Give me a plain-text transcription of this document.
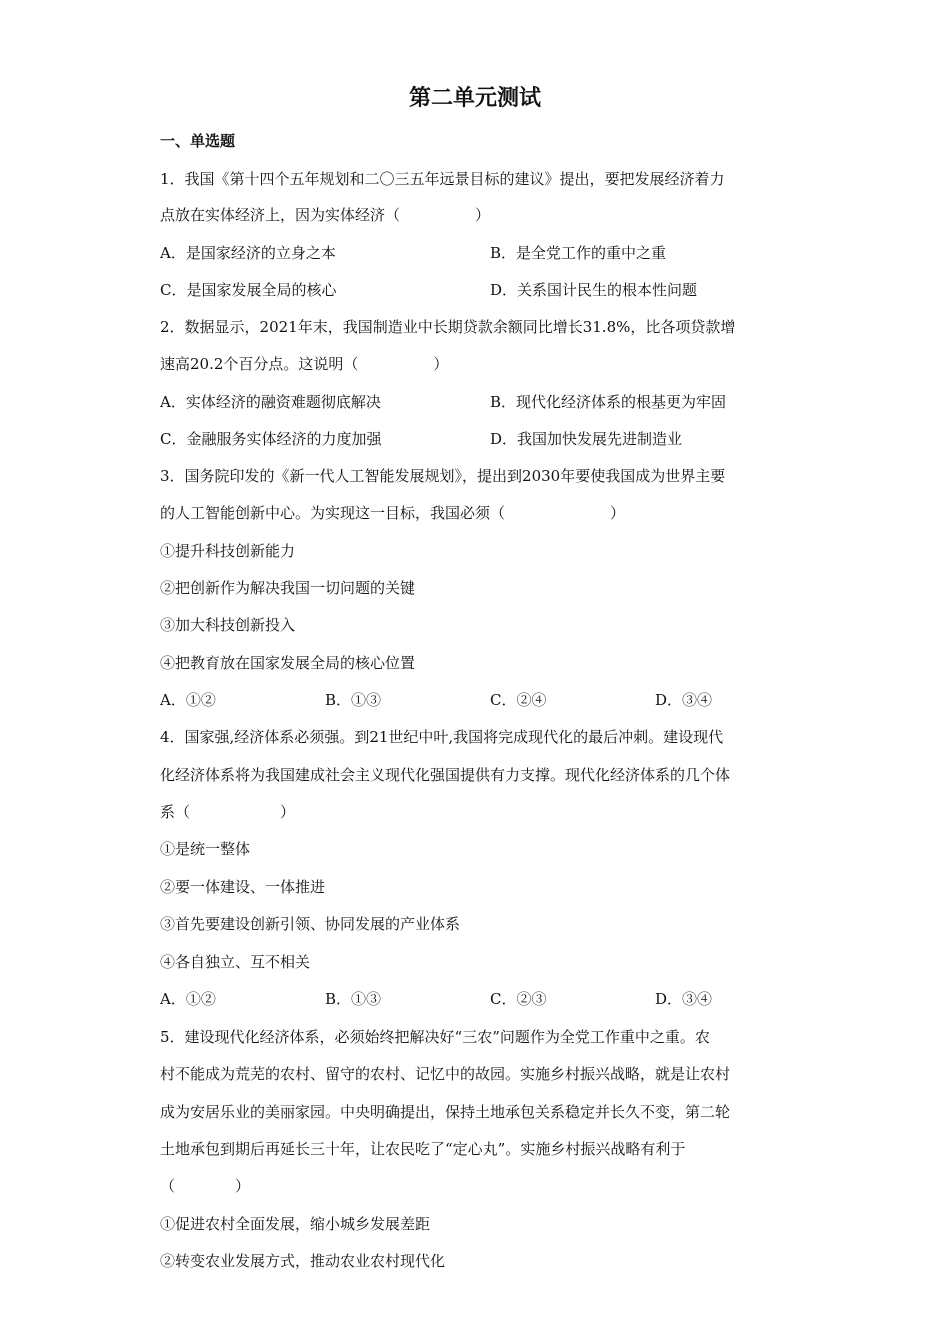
第二单元测试
一、单选题
1．我国《第十四个五年规划和二〇三五年远景目标的建议》提出，要把发展经济着力
点放在实体经济上，因为实体经济（　　　　　）
A．是国家经济的立身之本	B．是全党工作的重中之重
C．是国家发展全局的核心	D．关系国计民生的根本性问题
2．数据显示，2021年末，我国制造业中长期贷款余额同比增长31.8%，比各项贷款增
速高20.2个百分点。这说明（　　　　　）
A．实体经济的融资难题彻底解决	B．现代化经济体系的根基更为牢固
C．金融服务实体经济的力度加强	D．我国加快发展先进制造业
3．国务院印发的《新一代人工智能发展规划》，提出到2030年要使我国成为世界主要
的人工智能创新中心。为实现这一目标，我国必须（　　　　　　　）
①提升科技创新能力
②把创新作为解决我国一切问题的关键
③加大科技创新投入
④把教育放在国家发展全局的核心位置
A．①②	B．①③	C．②④	D．③④
4．国家强,经济体系必须强。到21世纪中叶,我国将完成现代化的最后冲刺。建设现代
化经济体系将为我国建成社会主义现代化强国提供有力支撑。现代化经济体系的几个体
系（　　　　　　）
①是统一整体
②要一体建设、一体推进
③首先要建设创新引领、协同发展的产业体系
④各自独立、互不相关
A．①②	B．①③	C．②③	D．③④
5．建设现代化经济体系，必须始终把解决好“三农”问题作为全党工作重中之重。农
村不能成为荒芜的农村、留守的农村、记忆中的故园。实施乡村振兴战略，就是让农村
成为安居乐业的美丽家园。中央明确提出，保持土地承包关系稳定并长久不变，第二轮
土地承包到期后再延长三十年，让农民吃了“定心丸”。实施乡村振兴战略有利于
（　　　　）
①促进农村全面发展，缩小城乡发展差距
②转变农业发展方式，推动农业农村现代化
